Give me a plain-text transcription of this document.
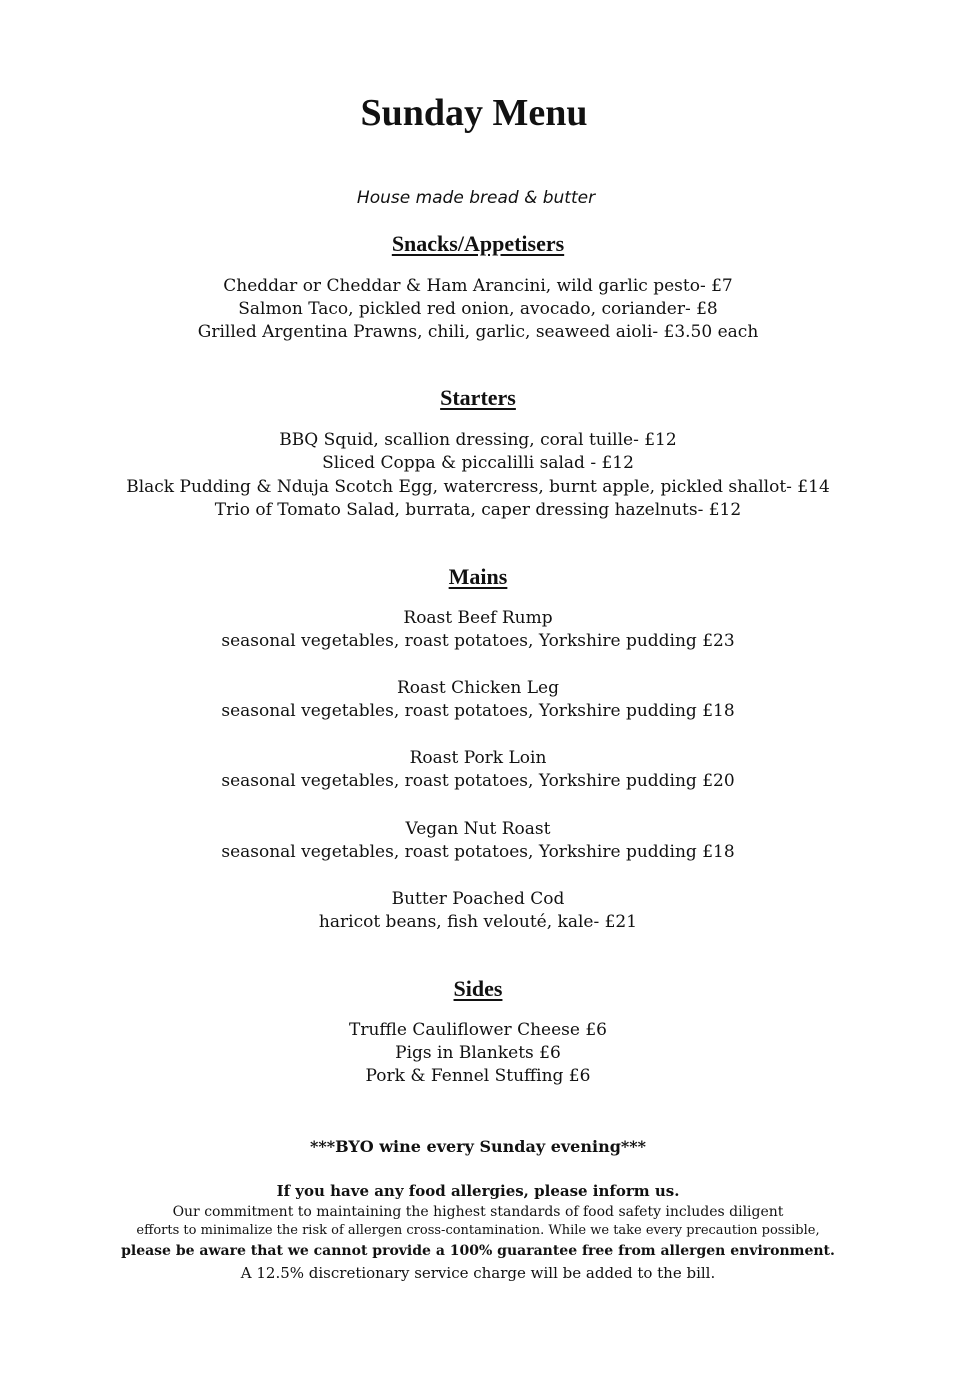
Sunday Menu

House made bread & butter

Snacks/Appetisers

Cheddar or Cheddar & Ham Arancini, wild garlic pesto- £7

Salmon Taco, pickled red onion, avocado, coriander- £8

Grilled Argentina Prawns, chili, garlic, seaweed aioli- £3.50 each

Starters

BBQ Squid, scallion dressing, coral tuille- £12

Sliced Coppa & piccalilli salad - £12

Black Pudding & Nduja Scotch Egg, watercress, burnt apple, pickled shallot- £14

Trio of Tomato Salad, burrata, caper dressing hazelnuts- £12

Mains

Roast Beef Rump

seasonal vegetables, roast potatoes, Yorkshire pudding £23

Roast Chicken Leg

seasonal vegetables, roast potatoes, Yorkshire pudding £18

Roast Pork Loin

seasonal vegetables, roast potatoes, Yorkshire pudding £20

Vegan Nut Roast

seasonal vegetables, roast potatoes, Yorkshire pudding £18

Butter Poached Cod

haricot beans, fish velouté, kale- £21

Sides

Truffle Cauliflower Cheese £6

Pigs in Blankets £6

Pork & Fennel Stuffing £6

***BYO wine every Sunday evening***

If you have any food allergies, please inform us.

Our commitment to maintaining the highest standards of food safety includes diligent

efforts to minimalize the risk of allergen cross-contamination. While we take every precaution possible,

please be aware that we cannot provide a 100% guarantee free from allergen environment.

A 12.5% discretionary service charge will be added to the bill.
